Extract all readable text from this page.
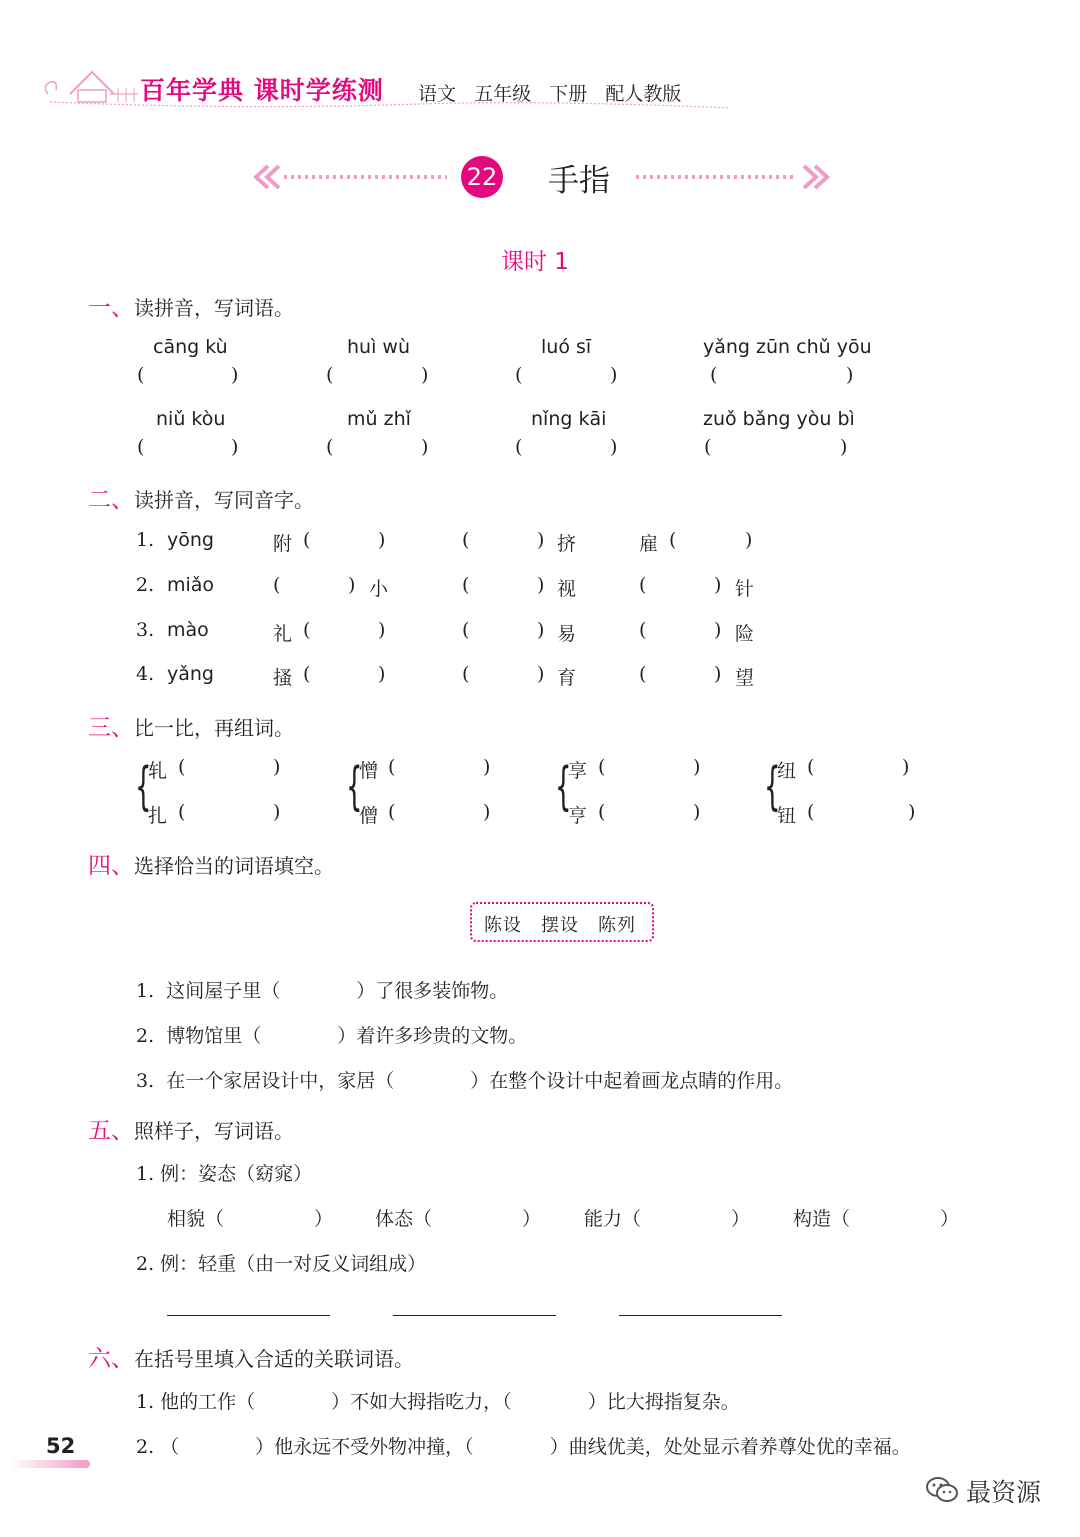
百年学典 课时学练测 语文 五年级 下册 配人教版
22 手指
课时 1
一、读拼音，写词语。
cāng kù	huì wù	luó sī	yǎng zūn chǔ yōu
(	)	(	)	(	)	(	)
niǔ kòu	mǔ zhǐ	nǐng kāi	zuǒ bǎng yòu bì
(	)	(	)	(	)	(	)
二、读拼音，写同音字。
1. yōng	附 (	)	(	) 挤	雇 (	)
2. miǎo	(	) 小	(	) 视	(	) 针
3. mào	礼 (	)	(	) 易	(	) 险
4. yǎng	搔 (	)	(	) 育	(	) 望
三、比一比，再组词。
{
轧 (	)
扎 (	) {
憎 (	)
僧 (	) {
享 (	)
亨 (	) {
纽 (	)
钮 (	)
四、选择恰当的词语填空。
陈设　摆设　陈列
1. 这间屋子里（	）了很多装饰物。
2. 博物馆里（	）着许多珍贵的文物。
3. 在一个家居设计中，家居（	）在整个设计中起着画龙点睛的作用。
五、照样子，写词语。
1. 例：姿态（窈窕）
相貌（	） 体态（	） 能力（	） 构造（	）
2. 例：轻重（由一对反义词组成）
六、在括号里填入合适的关联词语。
1. 他的工作（	）不如大拇指吃力，（	）比大拇指复杂。
2. （	）他永远不受外物冲撞，（	）曲线优美，处处显示着养尊处优的幸福。
52
最资源
